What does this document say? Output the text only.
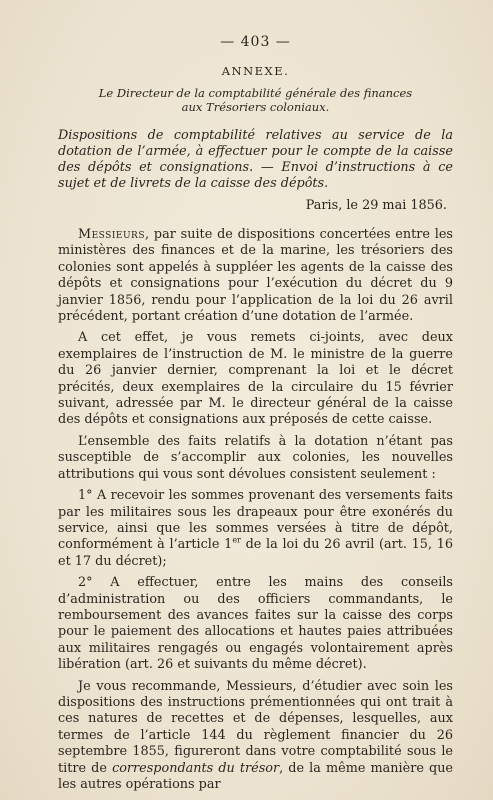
— 403 —
ANNEXE.
Le Directeur de la comptabilité générale des finances
aux Trésoriers coloniaux.

Dispositions de comptabilité relatives au service de la dotation de l’armée, à effectuer pour le compte de la caisse des dépôts et consignations. — Envoi d’instructions à ce sujet et de livrets de la caisse des dépôts.

Paris, le 29 mai 1856.

Messieurs, par suite de dispositions concertées entre les ministères des finances et de la marine, les trésoriers des colonies sont appelés à suppléer les agents de la caisse des dépôts et consignations pour l’exécution du décret du 9 janvier 1856, rendu pour l’application de la loi du 26 avril précédent, portant création d’une dotation de l’armée.

A cet effet, je vous remets ci-joints, avec deux exemplaires de l’instruction de M. le ministre de la guerre du 26 janvier dernier, comprenant la loi et le décret précités, deux exemplaires de la circulaire du 15 février suivant, adressée par M. le directeur général de la caisse des dépôts et consignations aux préposés de cette caisse.

L’ensemble des faits relatifs à la dotation n’étant pas susceptible de s’accomplir aux colonies, les nouvelles attributions qui vous sont dévolues consistent seulement :

1° A recevoir les sommes provenant des versements faits par les militaires sous les drapeaux pour être exonérés du service, ainsi que les sommes versées à titre de dépôt, conformément à l’article 1er de la loi du 26 avril (art. 15, 16 et 17 du décret);

2° A effectuer, entre les mains des conseils d’administration ou des officiers commandants, le remboursement des avances faites sur la caisse des corps pour le paiement des allocations et hautes paies attribuées aux militaires rengagés ou engagés volontairement après libération (art. 26 et suivants du même décret).

Je vous recommande, Messieurs, d’étudier avec soin les dispositions des instructions prémentionnées qui ont trait à ces natures de recettes et de dépenses, lesquelles, aux termes de l’article 144 du règlement financier du 26 septembre 1855, figureront dans votre comptabilité sous le titre de correspondants du trésor, de la même manière que les autres opérations par
